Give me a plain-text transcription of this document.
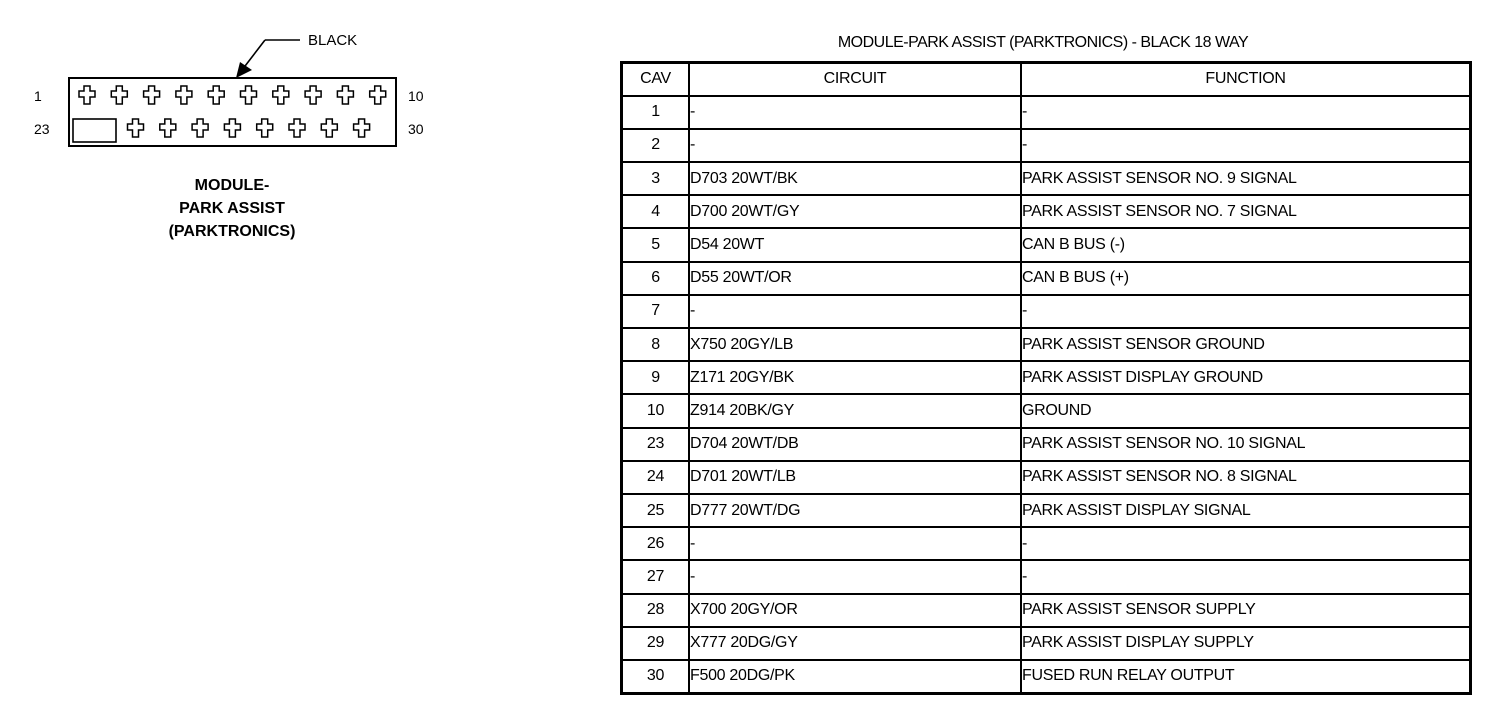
BLACK
1	10
23	30
MODULE-
PARK ASSIST
(PARKTRONICS)
MODULE-PARK ASSIST (PARKTRONICS) - BLACK 18 WAY
CAV	CIRCUIT	FUNCTION
1	-	-
2	-	-
3	D703 20WT/BK	PARK ASSIST SENSOR NO. 9 SIGNAL
4	D700 20WT/GY	PARK ASSIST SENSOR NO. 7 SIGNAL
5	D54 20WT	CAN B BUS (-)
6	D55 20WT/OR	CAN B BUS (+)
7	-	-
8	X750 20GY/LB	PARK ASSIST SENSOR GROUND
9	Z171 20GY/BK	PARK ASSIST DISPLAY GROUND
10	Z914 20BK/GY	GROUND
23	D704 20WT/DB	PARK ASSIST SENSOR NO. 10 SIGNAL
24	D701 20WT/LB	PARK ASSIST SENSOR NO. 8 SIGNAL
25	D777 20WT/DG	PARK ASSIST DISPLAY SIGNAL
26	-	-
27	-	-
28	X700 20GY/OR	PARK ASSIST SENSOR SUPPLY
29	X777 20DG/GY	PARK ASSIST DISPLAY SUPPLY
30	F500 20DG/PK	FUSED RUN RELAY OUTPUT
